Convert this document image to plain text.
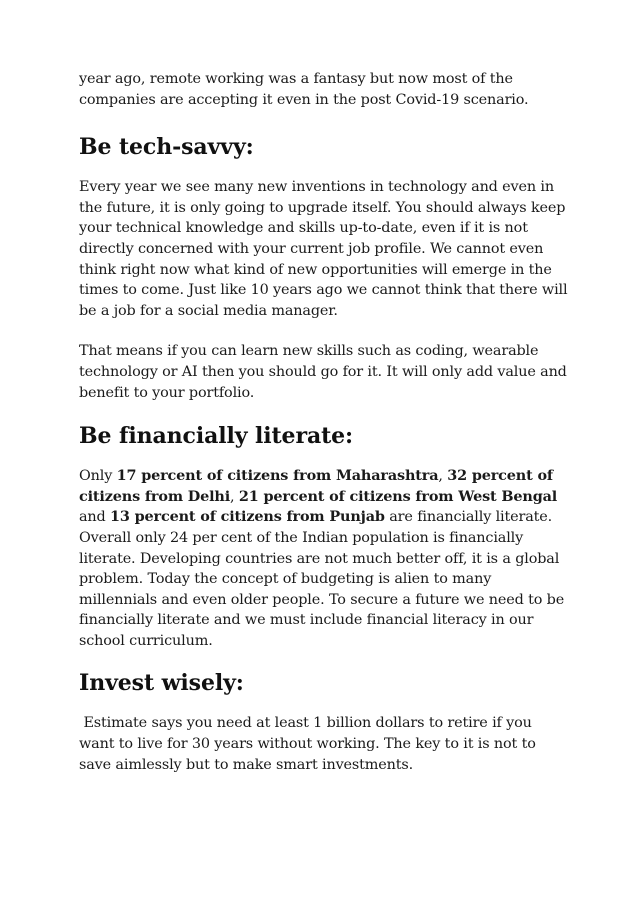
year ago, remote working was a fantasy but now most of the companies are accepting it even in the post Covid-19 scenario.

Be tech-savvy:

Every year we see many new inventions in technology and even in the future, it is only going to upgrade itself. You should always keep your technical knowledge and skills up-to-date, even if it is not directly concerned with your current job profile. We cannot even think right now what kind of new opportunities will emerge in the times to come. Just like 10 years ago we cannot think that there will be a job for a social media manager.

That means if you can learn new skills such as coding, wearable technology or AI then you should go for it. It will only add value and benefit to your portfolio.

Be financially literate:

Only 17 percent of citizens from Maharashtra, 32 percent of citizens from Delhi, 21 percent of citizens from West Bengal and 13 percent of citizens from Punjab are financially literate. Overall only 24 per cent of the Indian population is financially literate. Developing countries are not much better off, it is a global problem. Today the concept of budgeting is alien to many millennials and even older people. To secure a future we need to be financially literate and we must include financial literacy in our school curriculum.

Invest wisely:

Estimate says you need at least 1 billion dollars to retire if you want to live for 30 years without working. The key to it is not to save aimlessly but to make smart investments.
